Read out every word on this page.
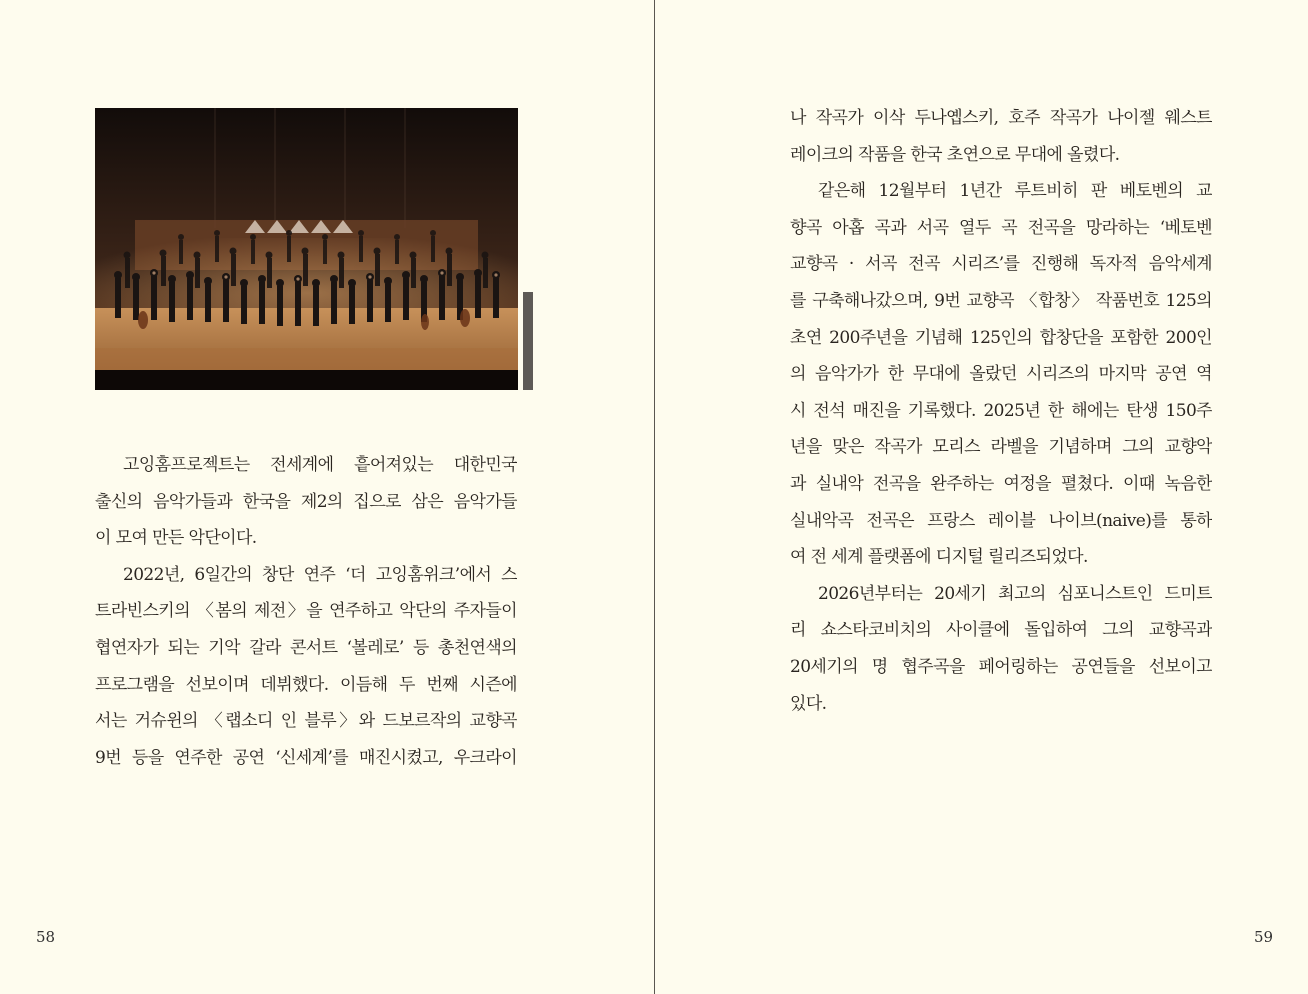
고잉홈프로젝트는 전세계에 흩어져있는 대한민국
출신의 음악가들과 한국을 제2의 집으로 삼은 음악가들
이 모여 만든 악단이다.
2022년, 6일간의 창단 연주 ‘더 고잉홈위크’에서 스
트라빈스키의 〈봄의 제전〉을 연주하고 악단의 주자들이
협연자가 되는 기악 갈라 콘서트 ‘볼레로’ 등 총천연색의
프로그램을 선보이며 데뷔했다. 이듬해 두 번째 시즌에
서는 거슈윈의 〈랩소디 인 블루〉와 드보르작의 교향곡
9번 등을 연주한 공연 ‘신세계’를 매진시켰고, 우크라이
58
나 작곡가 이삭 두나옙스키, 호주 작곡가 나이젤 웨스트
레이크의 작품을 한국 초연으로 무대에 올렸다.
같은해 12월부터 1년간 루트비히 판 베토벤의 교
향곡 아홉 곡과 서곡 열두 곡 전곡을 망라하는 ‘베토벤
교향곡 · 서곡 전곡 시리즈’를 진행해 독자적 음악세계
를 구축해나갔으며, 9번 교향곡 〈합창〉 작품번호 125의
초연 200주년을 기념해 125인의 합창단을 포함한 200인
의 음악가가 한 무대에 올랐던 시리즈의 마지막 공연 역
시 전석 매진을 기록했다. 2025년 한 해에는 탄생 150주
년을 맞은 작곡가 모리스 라벨을 기념하며 그의 교향악
과 실내악 전곡을 완주하는 여정을 펼쳤다. 이때 녹음한
실내악곡 전곡은 프랑스 레이블 나이브(naive)를 통하
여 전 세계 플랫폼에 디지털 릴리즈되었다.
2026년부터는 20세기 최고의 심포니스트인 드미트
리 쇼스타코비치의 사이클에 돌입하여 그의 교향곡과
20세기의 명 협주곡을 페어링하는 공연들을 선보이고
있다.
59
